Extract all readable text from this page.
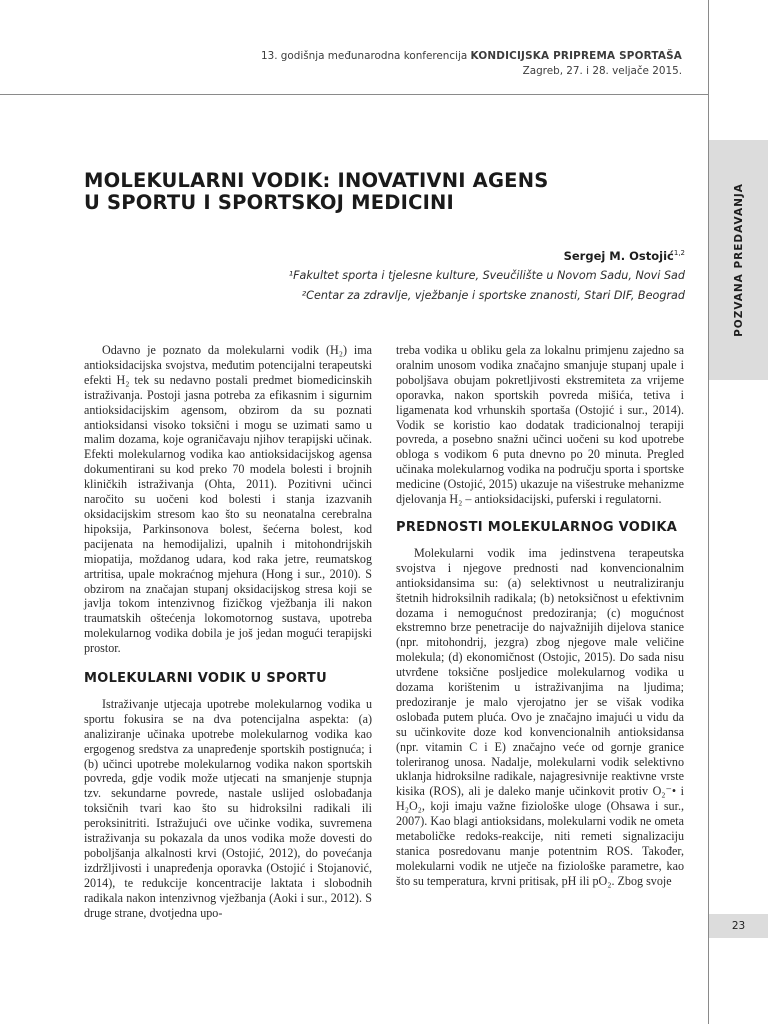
13. godišnja međunarodna konferencija KONDICIJSKA PRIPREMA SPORTAŠA
Zagreb, 27. i 28. veljače 2015.
POZVANA PREDAVANJA
23
MOLEKULARNI VODIK: INOVATIVNI AGENS
U SPORTU I SPORTSKOJ MEDICINI
Sergej M. Ostojić$^{1,2}$
¹Fakultet sporta i tjelesne kulture, Sveučilište u Novom Sadu, Novi Sad
²Centar za zdravlje, vježbanje i sportske znanosti, Stari DIF, Beograd

Odavno je poznato da molekularni vodik (H₂) ima antioksidacijska svojstva, međutim potencijalni terapeutski efekti H₂ tek su nedavno postali predmet biomedicinskih istraživanja. Postoji jasna potreba za efikasnim i sigurnim antioksidacijskim agensom, obzirom da su poznati antioksidansi visoko toksični i mogu se uzimati samo u malim dozama, koje ograničavaju njihov terapijski učinak. Efekti molekularnog vodika kao antioksidacijskog agensa dokumentirani su kod preko 70 modela bolesti i brojnih kliničkih istraživanja (Ohta, 2011). Pozitivni učinci naročito su uočeni kod bolesti i stanja izazvanih oksidacijskim stresom kao što su neonatalna cerebralna hipoksija, Parkinsonova bolest, šećerna bolest, kod pacijenata na hemodijalizi, upalnih i mitohondrijskih miopatija, moždanog udara, kod raka jetre, reumatskog artritisa, upale mokraćnog mjehura (Hong i sur., 2010). S obzirom na značajan stupanj oksidacijskog stresa koji se javlja tokom intenzivnog fizičkog vježbanja ili nakon traumatskih oštećenja lokomotornog sustava, upotreba molekularnog vodika dobila je još jedan mogući terapijski prostor.

MOLEKULARNI VODIK U SPORTU

Istraživanje utjecaja upotrebe molekularnog vodika u sportu fokusira se na dva potencijalna aspekta: (a) analiziranje učinaka upotrebe molekularnog vodika kao ergogenog sredstva za unapređenje sportskih postignuća; i (b) učinci upotrebe molekularnog vodika nakon sportskih povreda, gdje vodik može utjecati na smanjenje stupnja tzv. sekundarne povrede, nastale uslijed oslobađanja toksičnih tvari kao što su hidroksilni radikali ili peroksinitriti. Istražujući ove učinke vodika, suvremena istraživanja su pokazala da unos vodika može dovesti do poboljšanja alkalnosti krvi (Ostojić, 2012), do povećanja izdržljivosti i unapređenja oporavka (Ostojić i Stojanović, 2014), te redukcije koncentracije laktata i slobodnih radikala nakon intenzivnog vježbanja (Aoki i sur., 2012). S druge strane, dvotjedna upo-

treba vodika u obliku gela za lokalnu primjenu zajedno sa oralnim unosom vodika značajno smanjuje stupanj upale i poboljšava obujam pokretljivosti ekstremiteta za vrijeme oporavka, nakon sportskih povreda mišića, tetiva i ligamenata kod vrhunskih sportaša (Ostojić i sur., 2014). Vodik se koristio kao dodatak tradicionalnoj terapiji povreda, a posebno snažni učinci uočeni su kod upotrebe obloga s vodikom 6 puta dnevno po 20 minuta. Pregled učinaka molekularnog vodika na području sporta i sportske medicine (Ostojić, 2015) ukazuje na višestruke mehanizme djelovanja H₂ – antioksidacijski, puferski i regulatorni.

PREDNOSTI MOLEKULARNOG VODIKA

Molekularni vodik ima jedinstvena terapeutska svojstva i njegove prednosti nad konvencionalnim antioksidansima su: (a) selektivnost u neutraliziranju štetnih hidroksilnih radikala; (b) netoksičnost u efektivnim dozama i nemogućnost predoziranja; (c) mogućnost ekstremno brze penetracije do najvažnijih dijelova stanice (npr. mitohondrij, jezgra) zbog njegove male veličine molekula; (d) ekonomičnost (Ostojic, 2015). Do sada nisu utvrđene toksične posljedice molekularnog vodika u dozama korištenim u istraživanjima na ljudima; predoziranje je malo vjerojatno jer se višak vodika oslobađa putem pluća. Ovo je značajno imajući u vidu da su učinkovite doze kod konvencionalnih antioksidansa (npr. vitamin C i E) značajno veće od gornje granice toleriranog unosa. Nadalje, molekularni vodik selektivno uklanja hidroksilne radikale, najagresivnije reaktivne vrste kisika (ROS), ali je daleko manje učinkovit protiv O₂⁻• i H₂O₂, koji imaju važne fiziološke uloge (Ohsawa i sur., 2007). Kao blagi antioksidans, molekularni vodik ne ometa metaboličke redoks-reakcije, niti remeti signalizaciju stanica posredovanu manje potentnim ROS. Također, molekularni vodik ne utječe na fiziološke parametre, kao što su temperatura, krvni pritisak, pH ili pO₂. Zbog svoje
